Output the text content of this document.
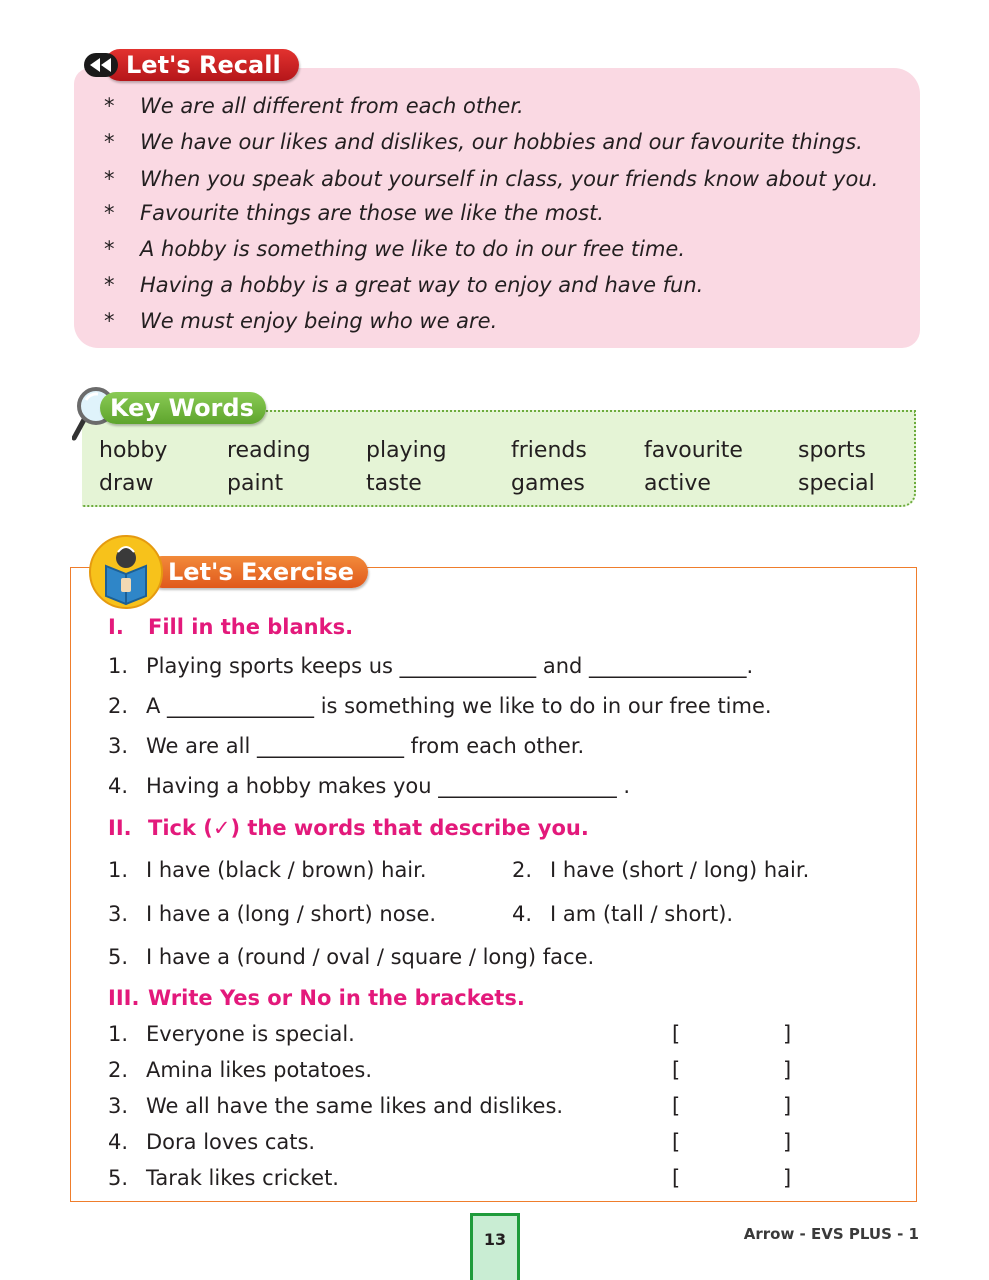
Let's Recall
* We are all different from each other.
* We have our likes and dislikes, our hobbies and our favourite things.
* When you speak about yourself in class, your friends know about you.
* Favourite things are those we like the most.
* A hobby is something we like to do in our free time.
* Having a hobby is a great way to enjoy and have fun.
* We must enjoy being who we are.
Key Words
hobby	reading	playing	friends	favourite	sports
draw	paint	taste	games	active	special
Let's Exercise
I. Fill in the blanks.
1. Playing sports keeps us _____________ and _______________.
2. A ______________ is something we like to do in our free time.
3. We are all ______________ from each other.
4. Having a hobby makes you _________________ .
II. Tick (✓) the words that describe you.
1. I have (black / brown) hair.	2. I have (short / long) hair.
3. I have a (long / short) nose.	4. I am (tall / short).
5. I have a (round / oval / square / long) face.
III. Write Yes or No in the brackets.
1. Everyone is special.	[	]
2. Amina likes potatoes.	[	]
3. We all have the same likes and dislikes.	[	]
4. Dora loves cats.	[	]
5. Tarak likes cricket.	[	]
13	Arrow - EVS PLUS - 1
